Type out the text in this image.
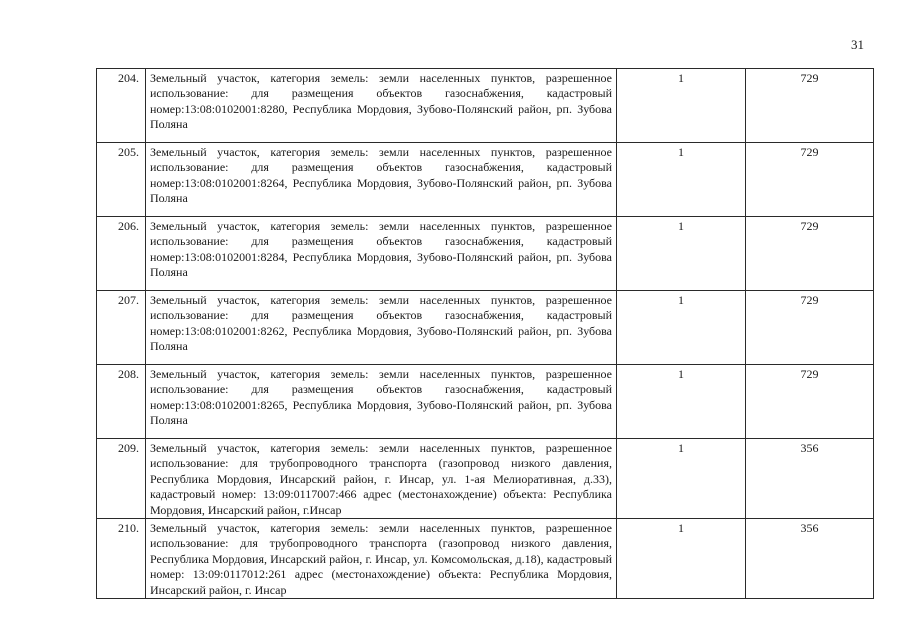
31
204.	Земельный участок, категория земель: земли населенных пунктов, разрешенное использование: для размещения объектов газоснабжения, кадастровый номер:13:08:0102001:8280, Республика Мордовия, Зубово-Полянский район, рп. Зубова Поляна	1	729
205.	Земельный участок, категория земель: земли населенных пунктов, разрешенное использование: для размещения объектов газоснабжения, кадастровый номер:13:08:0102001:8264, Республика Мордовия, Зубово-Полянский район, рп. Зубова Поляна	1	729
206.	Земельный участок, категория земель: земли населенных пунктов, разрешенное использование: для размещения объектов газоснабжения, кадастровый номер:13:08:0102001:8284, Республика Мордовия, Зубово-Полянский район, рп. Зубова Поляна	1	729
207.	Земельный участок, категория земель: земли населенных пунктов, разрешенное использование: для размещения объектов газоснабжения, кадастровый номер:13:08:0102001:8262, Республика Мордовия, Зубово-Полянский район, рп. Зубова Поляна	1	729
208.	Земельный участок, категория земель: земли населенных пунктов, разрешенное использование: для размещения объектов газоснабжения, кадастровый номер:13:08:0102001:8265, Республика Мордовия, Зубово-Полянский район, рп. Зубова Поляна	1	729
209.	Земельный участок, категория земель: земли населенных пунктов, разрешенное использование: для трубопроводного транспорта (газопровод низкого давления, Республика Мордовия, Инсарский район, г. Инсар, ул. 1-ая Мелиоративная, д.33), кадастровый номер: 13:09:0117007:466 адрес (местонахождение) объекта: Республика Мордовия, Инсарский район, г.Инсар	1	356
210.	Земельный участок, категория земель: земли населенных пунктов, разрешенное использование: для трубопроводного транспорта (газопровод низкого давления, Республика Мордовия, Инсарский район, г. Инсар, ул. Комсомольская, д.18), кадастровый номер: 13:09:0117012:261 адрес (местонахождение) объекта: Республика Мордовия, Инсарский район, г. Инсар	1	356
